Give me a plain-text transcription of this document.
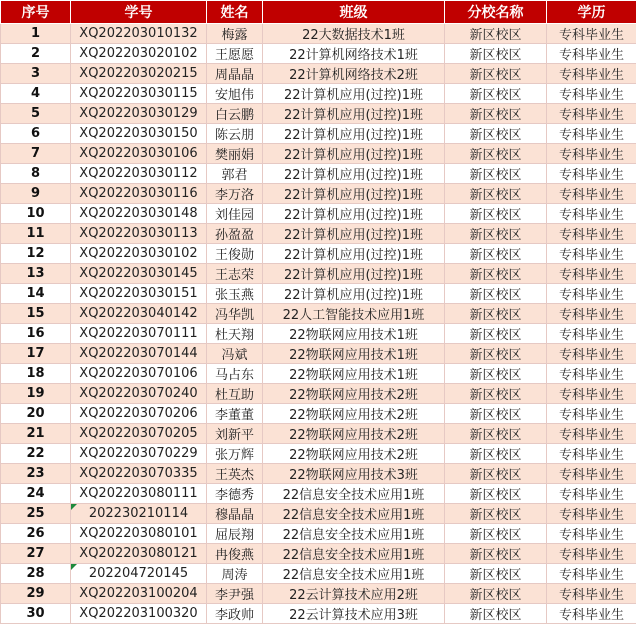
序号	学号	姓名	班级	分校名称	学历
1	XQ202203010132	梅露	22大数据技术1班	新区校区	专科毕业生
2	XQ202203020102	王愿愿	22计算机网络技术1班	新区校区	专科毕业生
3	XQ202203020215	周晶晶	22计算机网络技术2班	新区校区	专科毕业生
4	XQ202203030115	安旭伟	22计算机应用(过控)1班	新区校区	专科毕业生
5	XQ202203030129	白云鹏	22计算机应用(过控)1班	新区校区	专科毕业生
6	XQ202203030150	陈云朋	22计算机应用(过控)1班	新区校区	专科毕业生
7	XQ202203030106	樊丽娟	22计算机应用(过控)1班	新区校区	专科毕业生
8	XQ202203030112	郭君	22计算机应用(过控)1班	新区校区	专科毕业生
9	XQ202203030116	李万洛	22计算机应用(过控)1班	新区校区	专科毕业生
10	XQ202203030148	刘佳园	22计算机应用(过控)1班	新区校区	专科毕业生
11	XQ202203030113	孙盈盈	22计算机应用(过控)1班	新区校区	专科毕业生
12	XQ202203030102	王俊勋	22计算机应用(过控)1班	新区校区	专科毕业生
13	XQ202203030145	王志荣	22计算机应用(过控)1班	新区校区	专科毕业生
14	XQ202203030151	张玉燕	22计算机应用(过控)1班	新区校区	专科毕业生
15	XQ202203040142	冯华凯	22人工智能技术应用1班	新区校区	专科毕业生
16	XQ202203070111	杜天翔	22物联网应用技术1班	新区校区	专科毕业生
17	XQ202203070144	冯斌	22物联网应用技术1班	新区校区	专科毕业生
18	XQ202203070106	马占东	22物联网应用技术1班	新区校区	专科毕业生
19	XQ202203070240	杜互助	22物联网应用技术2班	新区校区	专科毕业生
20	XQ202203070206	李董董	22物联网应用技术2班	新区校区	专科毕业生
21	XQ202203070205	刘新平	22物联网应用技术2班	新区校区	专科毕业生
22	XQ202203070229	张万辉	22物联网应用技术2班	新区校区	专科毕业生
23	XQ202203070335	王英杰	22物联网应用技术3班	新区校区	专科毕业生
24	XQ202203080111	李德秀	22信息安全技术应用1班	新区校区	专科毕业生
25	202230210114	穆晶晶	22信息安全技术应用1班	新区校区	专科毕业生
26	XQ202203080101	屈辰翔	22信息安全技术应用1班	新区校区	专科毕业生
27	XQ202203080121	冉俊燕	22信息安全技术应用1班	新区校区	专科毕业生
28	202204720145	周涛	22信息安全技术应用1班	新区校区	专科毕业生
29	XQ202203100204	李尹强	22云计算技术应用2班	新区校区	专科毕业生
30	XQ202203100320	李政帅	22云计算技术应用3班	新区校区	专科毕业生
